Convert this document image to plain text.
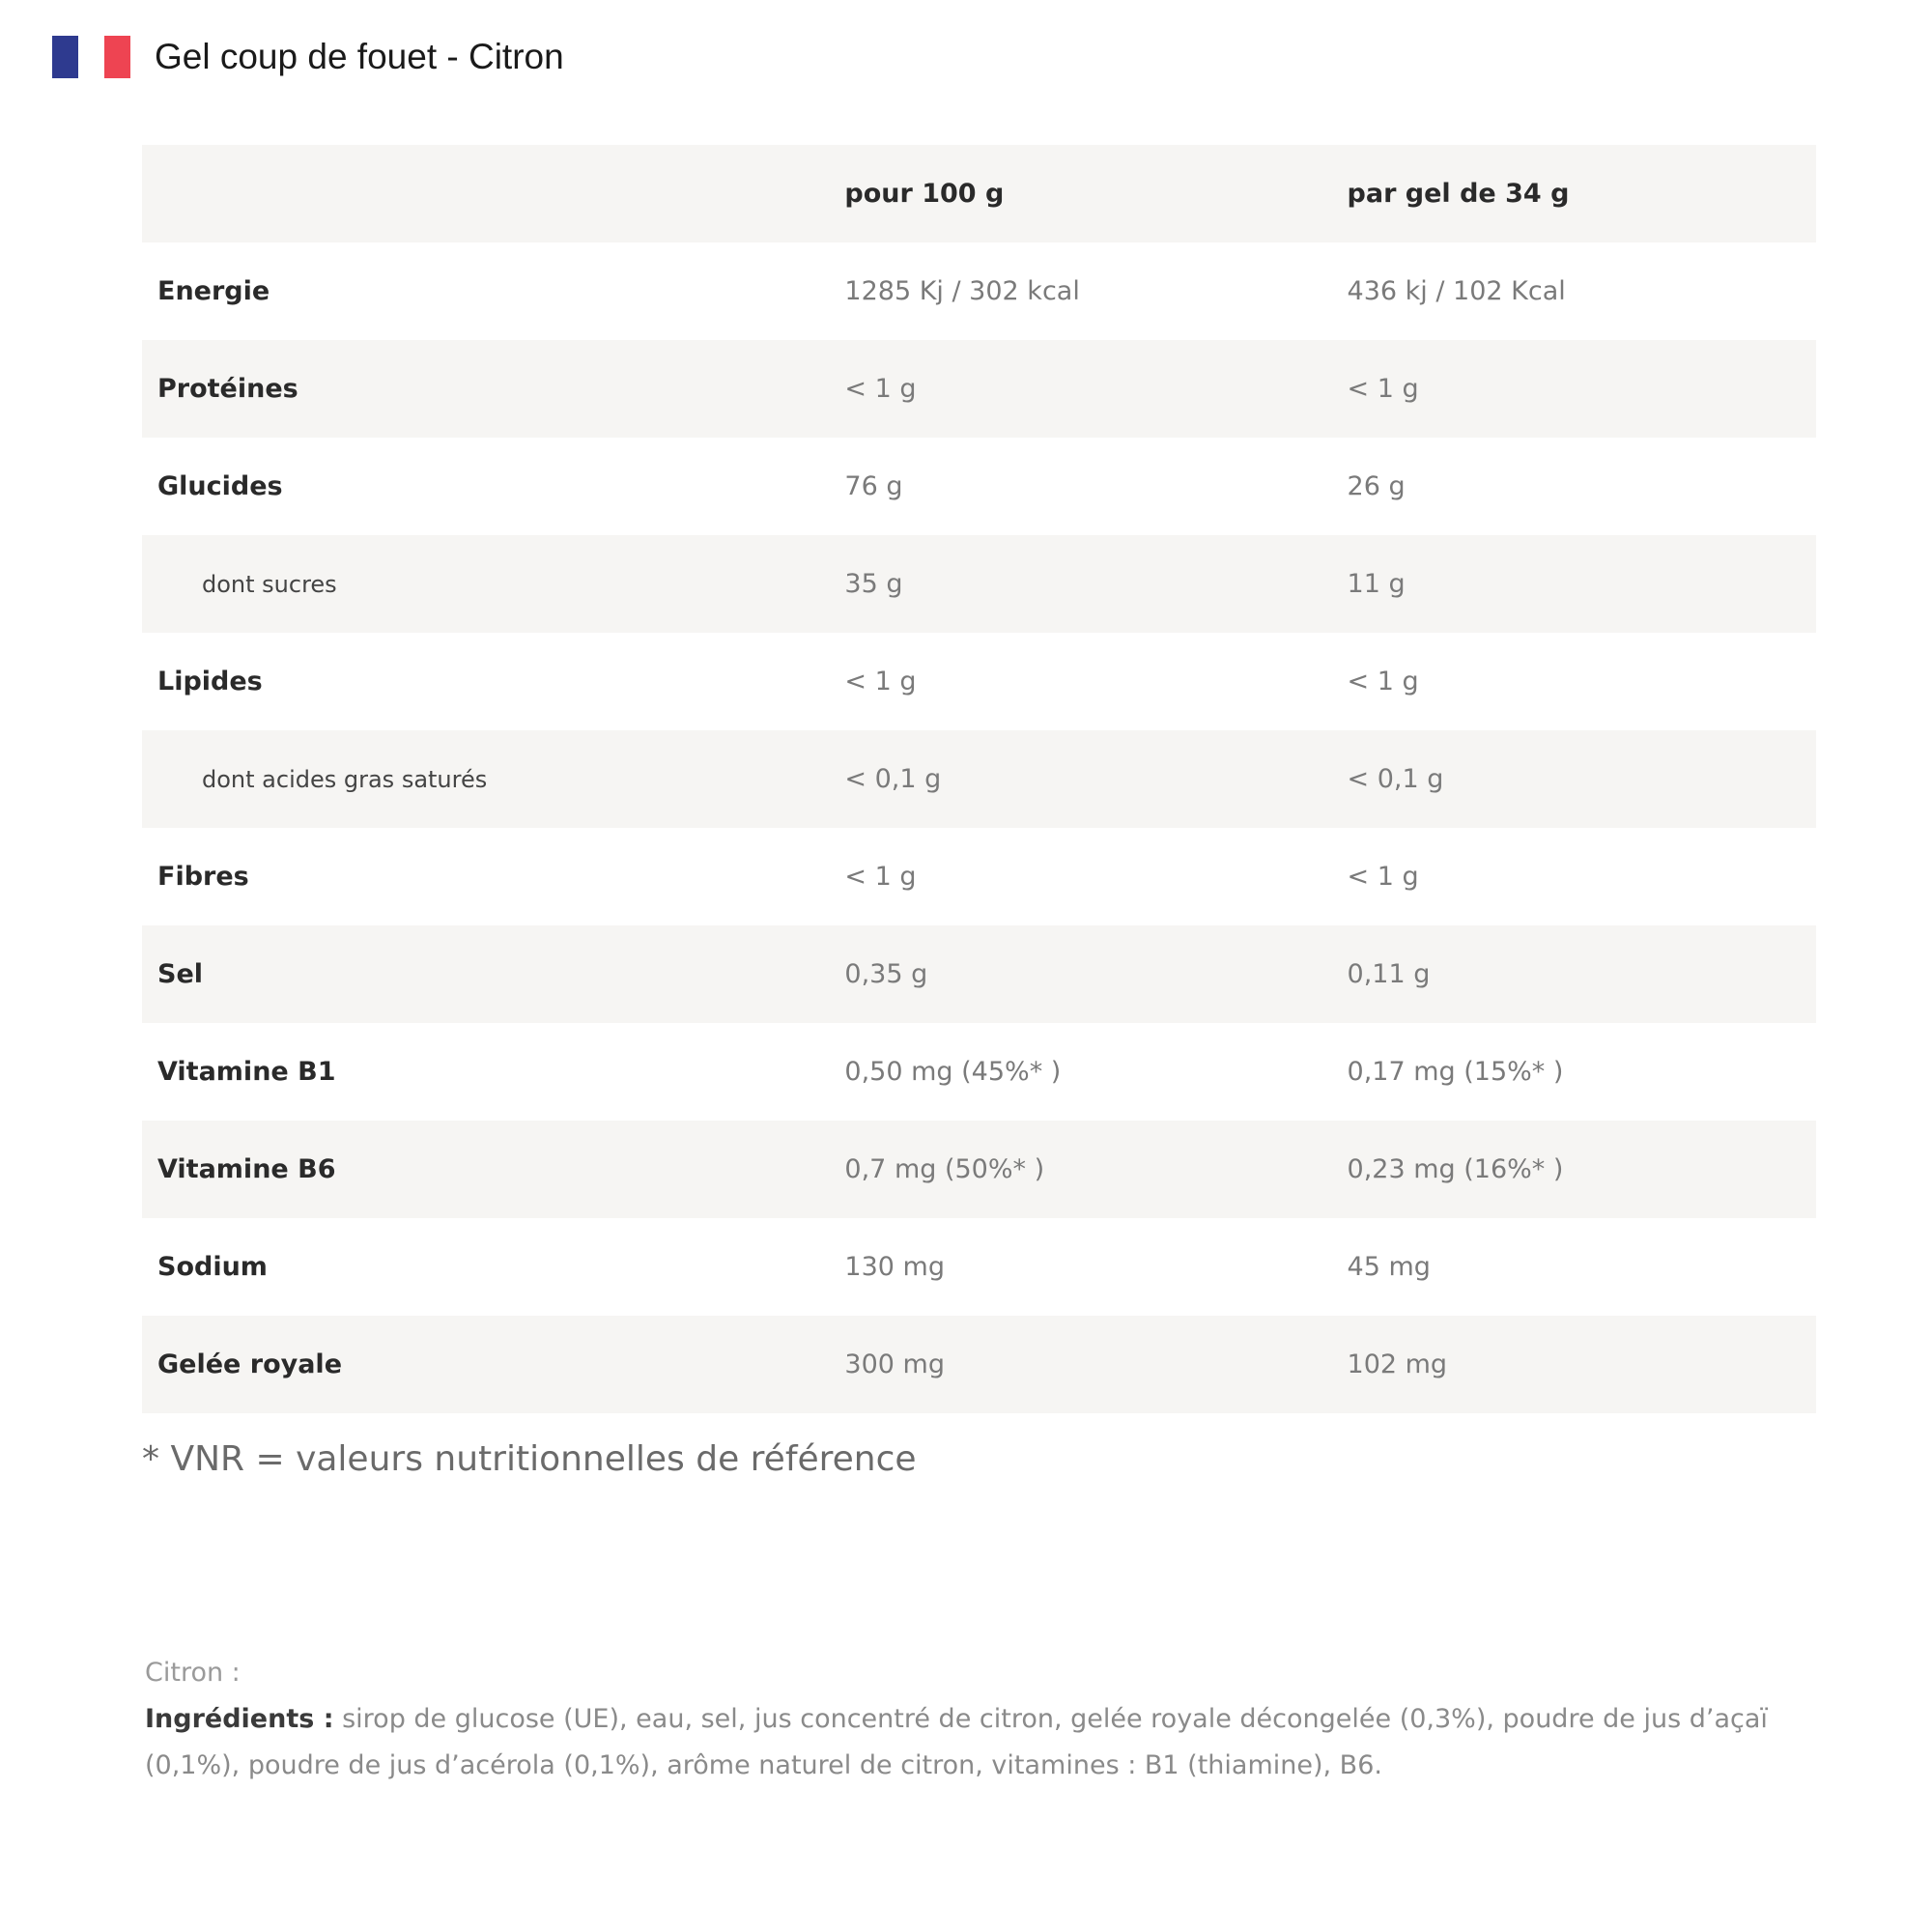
Gel coup de fouet - Citron
	pour 100 g	par gel de 34 g
Energie	1285 Kj / 302 kcal	436 kj / 102 Kcal
Protéines	< 1 g	< 1 g
Glucides	76 g	26 g
dont sucres	35 g	11 g
Lipides	< 1 g	< 1 g
dont acides gras saturés	< 0,1 g	< 0,1 g
Fibres	< 1 g	< 1 g
Sel	0,35 g	0,11 g
Vitamine B1	0,50 mg (45%* )	0,17 mg (15%* )
Vitamine B6	0,7 mg (50%* )	0,23 mg (16%* )
Sodium	130 mg	45 mg
Gelée royale	300 mg	102 mg
* VNR = valeurs nutritionnelles de référence
Citron :
Ingrédients : sirop de glucose (UE), eau, sel, jus concentré de citron, gelée royale décongelée (0,3%), poudre de jus d’açaï (0,1%), poudre de jus d’acérola (0,1%), arôme naturel de citron, vitamines : B1 (thiamine), B6.
